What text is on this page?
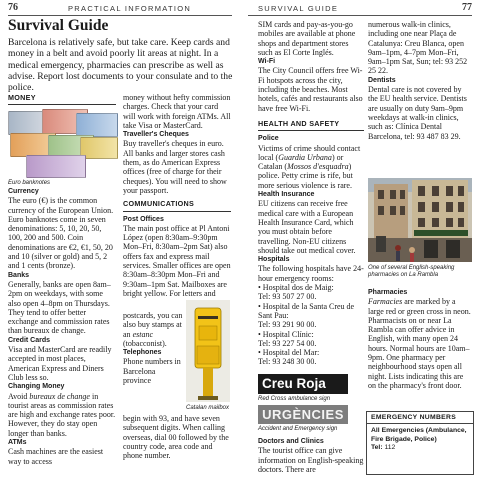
76	PRACTICAL INFORMATION	SURVIVAL GUIDE	77
Survival Guide

Barcelona is relatively safe, but take care. Keep cards and money in a belt and avoid poorly lit areas at night. In a medical emergency, pharmacies can prescribe as well as advise. Report lost documents to your consulate and to the police.

MONEY
Euro banknotes

Currency

The euro (€) is the common currency of the European Union. Euro banknotes come in seven denominations: 5, 10, 20, 50, 100, 200 and 500. Coin denominations are €2, €1, 50, 20 and 10 (silver or gold) and 5, 2 and 1 cents (bronze).

Banks

Generally, banks are open 8am–2pm on weekdays, with some also open 4–8pm on Thursdays. They tend to offer better exchange and commission rates than bureaux de change.

Credit Cards

Visa and MasterCard are readily accepted in most places, American Express and Diners Club less so.

Changing Money

Avoid bureaux de change in tourist areas as commission rates are high and exchange rates poor. However, they do stay open longer than banks.

ATMs

Cash machines are the easiest way to access

money without hefty commission charges. Check that your card will work with foreign ATMs. All take Visa or MasterCard.

Traveller's Cheques

Buy traveller's cheques in euro. All banks and larger stores cash them, as do American Express offices (free of charge for their cheques). You will need to show your passport.

COMMUNICATIONS

Post Offices

The main post office at Pl Antoni López (open 8:30am–9:30pm Mon–Fri, 8:30am–2pm Sat) also offers fax and express mail services. Smaller offices are open 8:30am–8:30pm Mon–Fri and 9:30am–1pm Sat. Mailboxes are bright yellow. For letters and

postcards, you can also buy stamps at an estanc (tobacconist).

Telephones

Phone numbers in Barcelona province

begin with 93, and have seven subsequent digits. When calling overseas, dial 00 followed by the country code, area code and phone number.

Catalan mailbox

SIM cards and pay-as-you-go mobiles are available at phone shops and department stores such as El Corte Inglés.

Wi-Fi

The City Council offers free Wi-Fi hotspots across the city, including the beaches. Most hotels, cafés and restaurants also have free Wi-Fi.

HEALTH AND SAFETY

Police

Victims of crime should contact local (Guardia Urbana) or Catalan (Mossos d'esquadra) police. Petty crime is rife, but more serious violence is rare.

Health Insurance

EU citizens can receive free medical care with a European Health Insurance Card, which you must obtain before travelling. Non-EU citizens should take out medical cover.

Hospitals

The following hospitals have 24-hour emergency rooms:

• Hospital dos de Maig:

Tel: 93 507 27 00.

• Hospital de la Santa Creu de Sant Pau:

Tel: 93 291 90 00.

• Hospital Clínic:

Tel: 93 227 54 00.

• Hospital del Mar:

Tel: 93 248 30 00.

Creu Roja
Red Cross ambulance sign
URGÈNCIES
Accident and Emergency sign

Doctors and Clinics

The tourist office can give information on English-speaking doctors. There are

numerous walk-in clinics, including one near Plaça de Catalunya: Creu Blanca, open 9am–1pm, 4–7pm Mon–Fri, 9am–1pm Sat, Sun; tel: 93 252 25 22.

Dentists

Dental care is not covered by the EU health service. Dentists are usually on duty 9am–9pm weekdays at walk-in clinics, such as: Clínica Dental Barcelona, tel: 93 487 83 29.

One of several English-speaking pharmacies on La Rambla

Pharmacies

Farmacies are marked by a large red or green cross in neon. Pharmacists on or near La Rambla can offer advice in English, with many open 24 hours. Normal hours are 10am–9pm. One pharmacy per neighbourhood stays open all night. Lists indicating this are on the pharmacy's front door.

EMERGENCY NUMBERS
All Emergencies (Ambulance, Fire Brigade, Police)
Tel: 112
